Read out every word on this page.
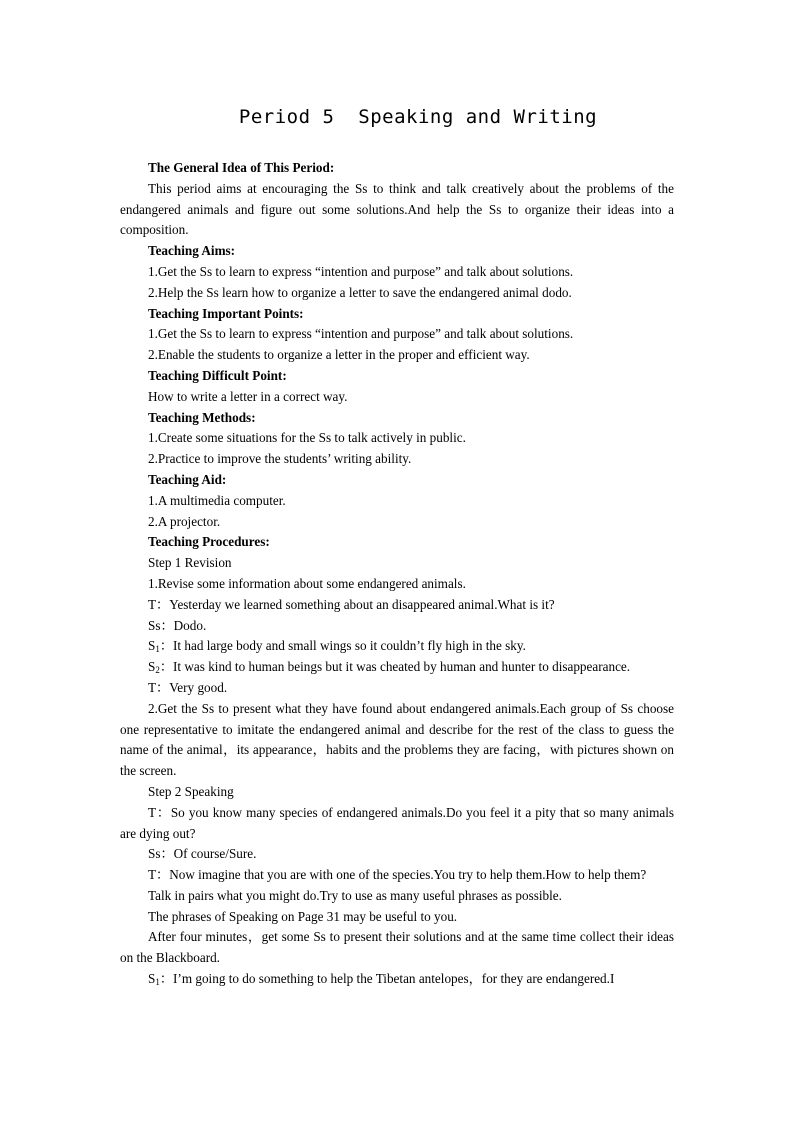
Period 5  Speaking and Writing

The General Idea of This Period:

This period aims at encouraging the Ss to think and talk creatively about the problems of the endangered animals and figure out some solutions.And help the Ss to organize their ideas into a composition.

Teaching Aims:

1.Get the Ss to learn to express “intention and purpose” and talk about solutions.

2.Help the Ss learn how to organize a letter to save the endangered animal dodo.

Teaching Important Points:

1.Get the Ss to learn to express “intention and purpose” and talk about solutions.

2.Enable the students to organize a letter in the proper and efficient way.

Teaching Difficult Point:

How to write a letter in a correct way.

Teaching Methods:

1.Create some situations for the Ss to talk actively in public.

2.Practice to improve the students’ writing ability.

Teaching Aid:

1.A multimedia computer.

2.A projector.

Teaching Procedures:

Step 1 Revision

1.Revise some information about some endangered animals.

T：Yesterday we learned something about an disappeared animal.What is it?

Ss：Dodo.

$S_1$：It had large body and small wings so it couldn’t fly high in the sky.

$S_2$：It was kind to human beings but it was cheated by human and hunter to disappearance.

T：Very good.

2.Get the Ss to present what they have found about endangered animals.Each group of Ss choose one representative to imitate the endangered animal and describe for the rest of the class to guess the name of the animal，its appearance，habits and the problems they are facing，with pictures shown on the screen.

Step 2 Speaking

T：So you know many species of endangered animals.Do you feel it a pity that so many animals are dying out?

Ss：Of course/Sure.

T：Now imagine that you are with one of the species.You try to help them.How to help them?

Talk in pairs what you might do.Try to use as many useful phrases as possible.

The phrases of Speaking on Page 31 may be useful to you.

After four minutes，get some Ss to present their solutions and at the same time collect their ideas on the Blackboard.

$S_1$：I’m going to do something to help the Tibetan antelopes，for they are endangered.I
